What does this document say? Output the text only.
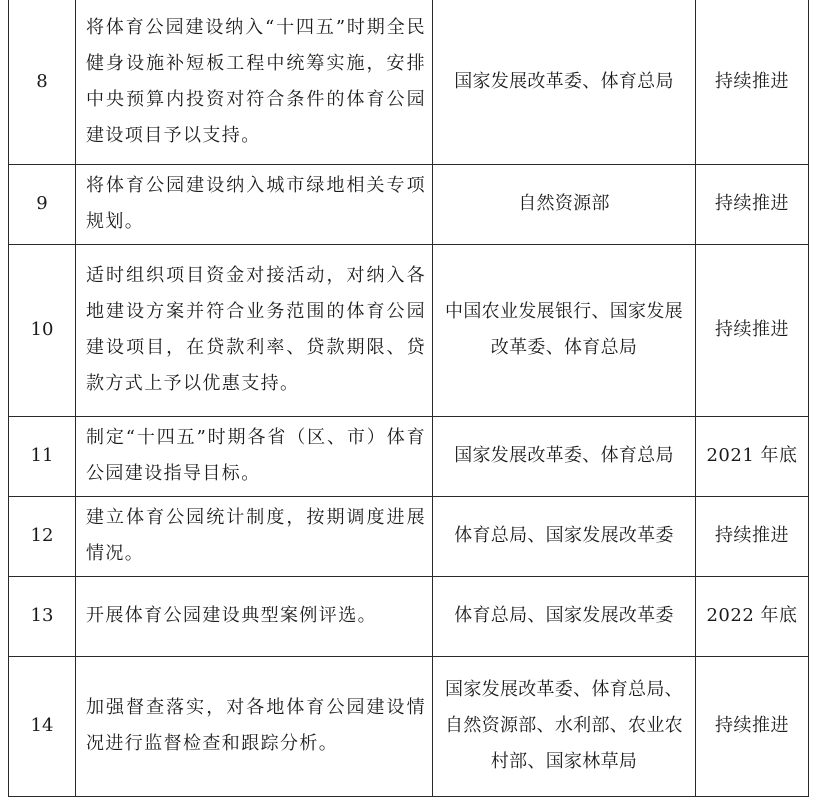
8	将体育公园建设纳入“十四五”时期全民健身设施补短板工程中统筹实施，安排中央预算内投资对符合条件的体育公园建设项目予以支持。	国家发展改革委、体育总局	持续推进

9	将体育公园建设纳入城市绿地相关专项规划。	自然资源部	持续推进

10	适时组织项目资金对接活动，对纳入各地建设方案并符合业务范围的体育公园建设项目，在贷款利率、贷款期限、贷款方式上予以优惠支持。	中国农业发展银行、国家发展改革委、体育总局	持续推进

11	制定“十四五”时期各省（区、市）体育公园建设指导目标。	国家发展改革委、体育总局	2021 年底

12	建立体育公园统计制度，按期调度进展情况。	体育总局、国家发展改革委	持续推进

13	开展体育公园建设典型案例评选。	体育总局、国家发展改革委	2022 年底

14	加强督查落实，对各地体育公园建设情况进行监督检查和跟踪分析。	国家发展改革委、体育总局、自然资源部、水利部、农业农村部、国家林草局	持续推进
